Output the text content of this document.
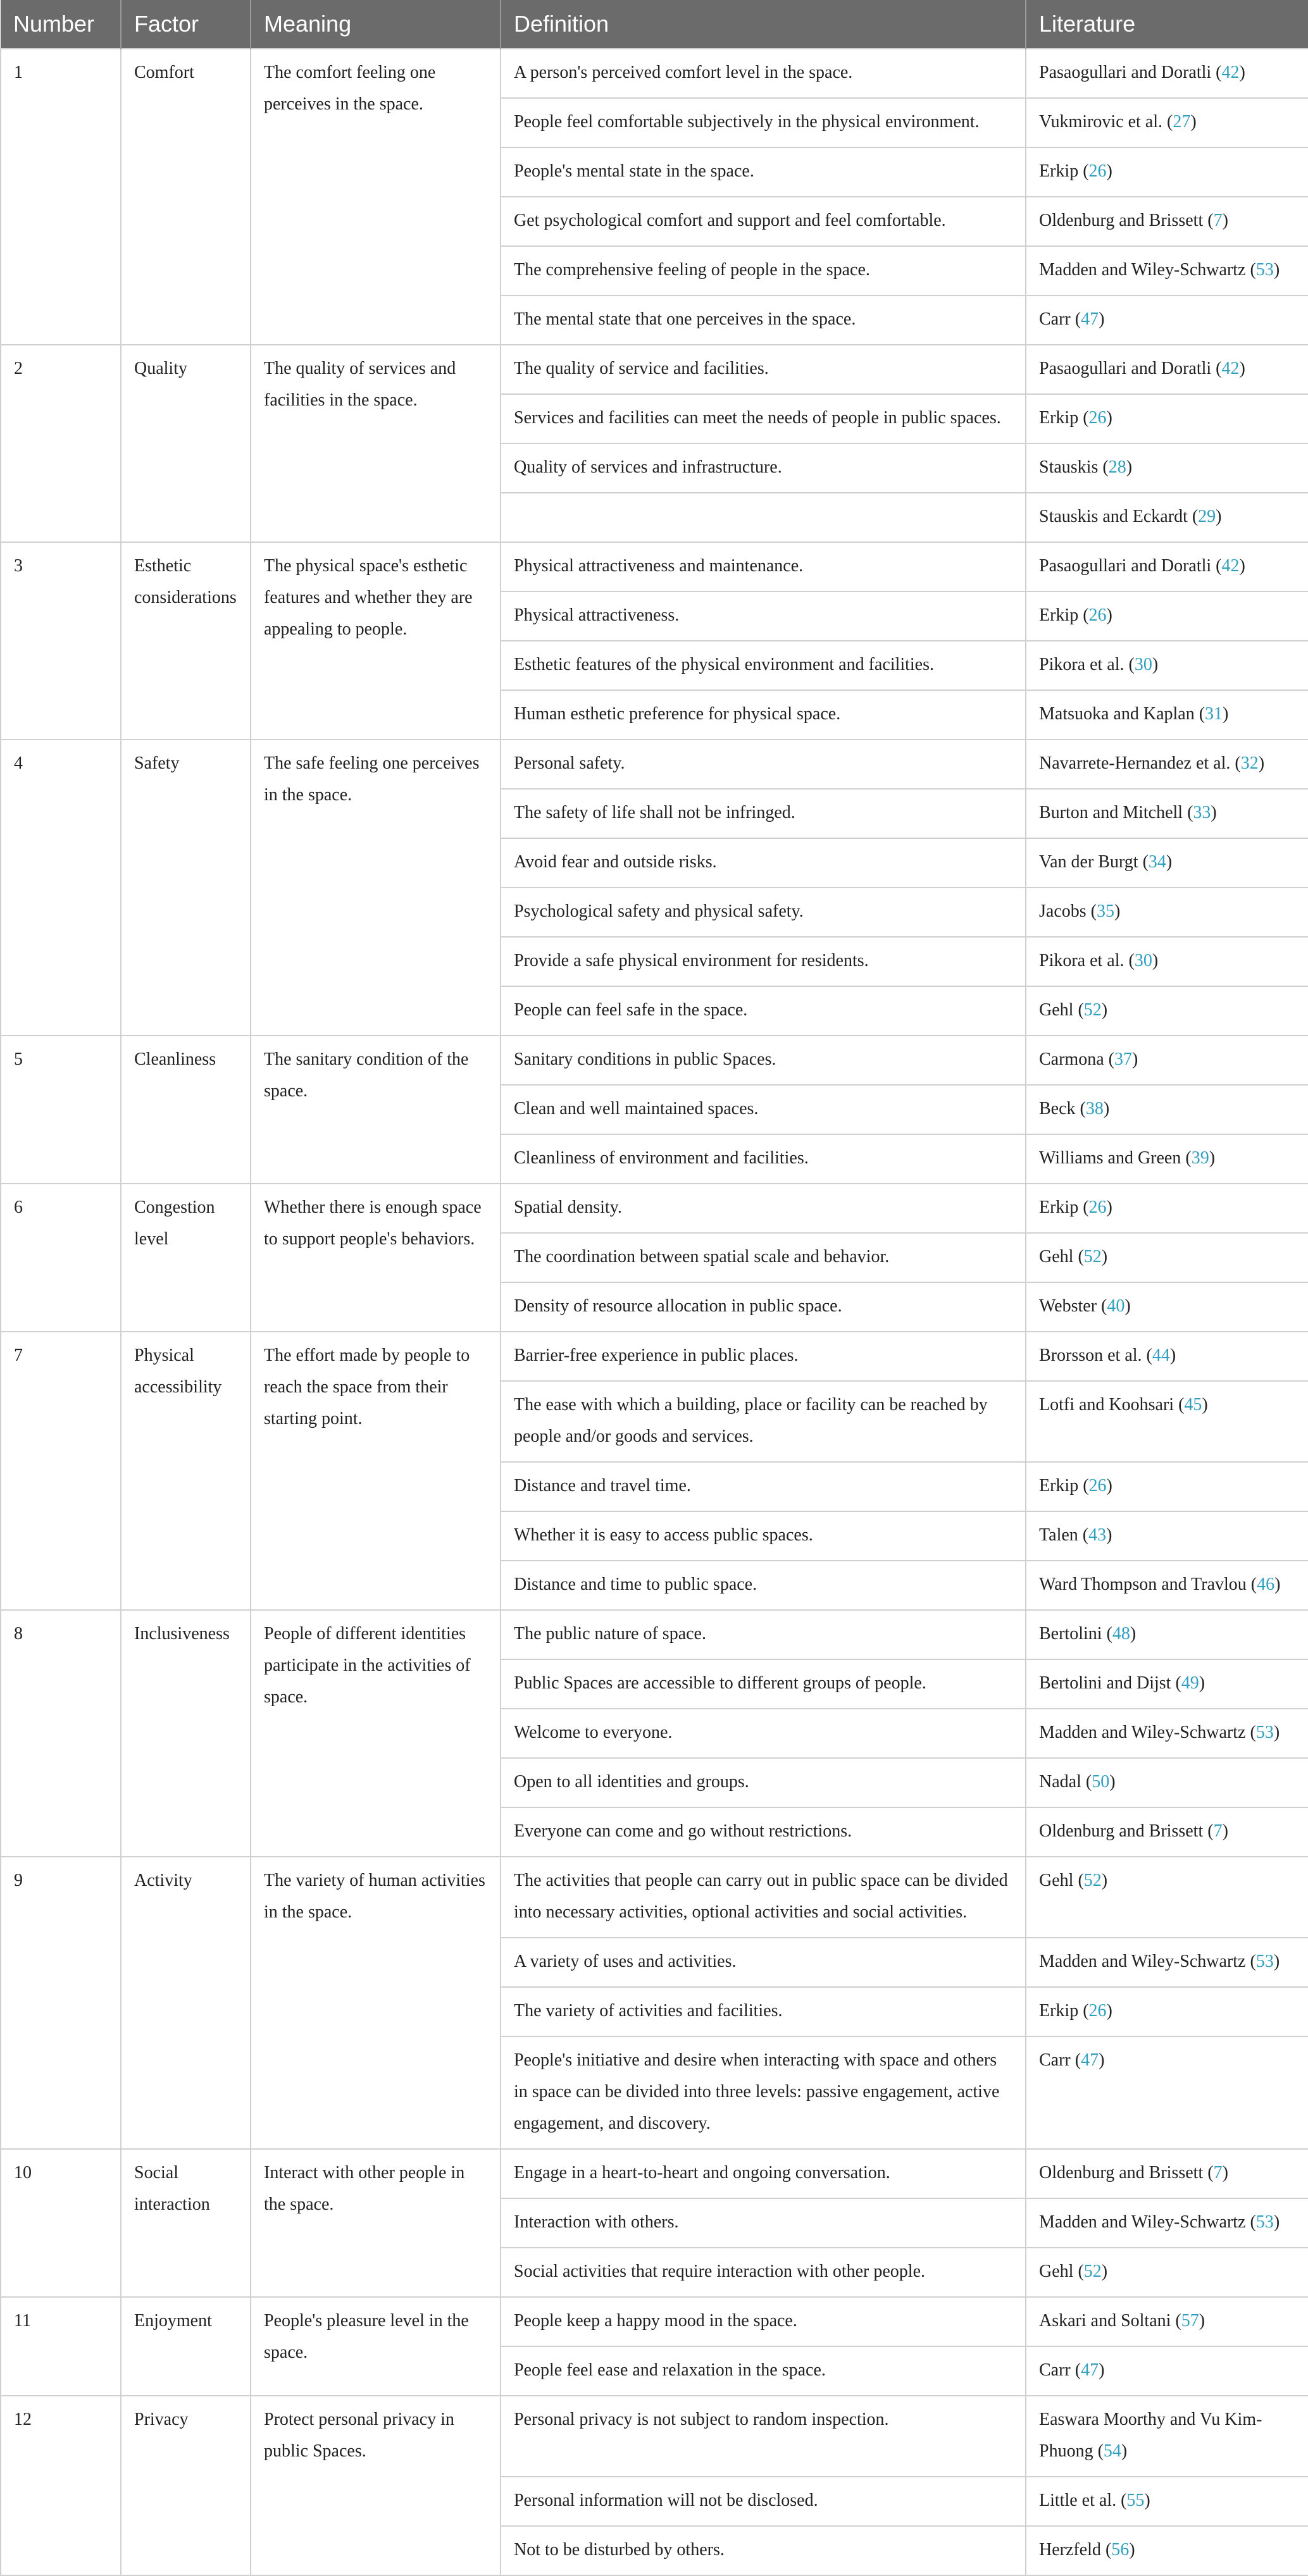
Number	Factor	Meaning	Definition	Literature
1	Comfort	The comfort feeling one perceives in the space.	A person's perceived comfort level in the space.	Pasaogullari and Doratli (42)
			People feel comfortable subjectively in the physical environment.	Vukmirovic et al. (27)
			People's mental state in the space.	Erkip (26)
			Get psychological comfort and support and feel comfortable.	Oldenburg and Brissett (7)
			The comprehensive feeling of people in the space.	Madden and Wiley-Schwartz (53)
			The mental state that one perceives in the space.	Carr (47)
2	Quality	The quality of services and facilities in the space.	The quality of service and facilities.	Pasaogullari and Doratli (42)
			Services and facilities can meet the needs of people in public spaces.	Erkip (26)
			Quality of services and infrastructure.	Stauskis (28)
				Stauskis and Eckardt (29)
3	Esthetic considerations	The physical space's esthetic features and whether they are appealing to people.	Physical attractiveness and maintenance.	Pasaogullari and Doratli (42)
			Physical attractiveness.	Erkip (26)
			Esthetic features of the physical environment and facilities.	Pikora et al. (30)
			Human esthetic preference for physical space.	Matsuoka and Kaplan (31)
4	Safety	The safe feeling one perceives in the space.	Personal safety.	Navarrete-Hernandez et al. (32)
			The safety of life shall not be infringed.	Burton and Mitchell (33)
			Avoid fear and outside risks.	Van der Burgt (34)
			Psychological safety and physical safety.	Jacobs (35)
			Provide a safe physical environment for residents.	Pikora et al. (30)
			People can feel safe in the space.	Gehl (52)
5	Cleanliness	The sanitary condition of the space.	Sanitary conditions in public Spaces.	Carmona (37)
			Clean and well maintained spaces.	Beck (38)
			Cleanliness of environment and facilities.	Williams and Green (39)
6	Congestion level	Whether there is enough space to support people's behaviors.	Spatial density.	Erkip (26)
			The coordination between spatial scale and behavior.	Gehl (52)
			Density of resource allocation in public space.	Webster (40)
7	Physical accessibility	The effort made by people to reach the space from their starting point.	Barrier-free experience in public places.	Brorsson et al. (44)
			The ease with which a building, place or facility can be reached by people and/or goods and services.	Lotfi and Koohsari (45)
			Distance and travel time.	Erkip (26)
			Whether it is easy to access public spaces.	Talen (43)
			Distance and time to public space.	Ward Thompson and Travlou (46)
8	Inclusiveness	People of different identities participate in the activities of space.	The public nature of space.	Bertolini (48)
			Public Spaces are accessible to different groups of people.	Bertolini and Dijst (49)
			Welcome to everyone.	Madden and Wiley-Schwartz (53)
			Open to all identities and groups.	Nadal (50)
			Everyone can come and go without restrictions.	Oldenburg and Brissett (7)
9	Activity	The variety of human activities in the space.	The activities that people can carry out in public space can be divided into necessary activities, optional activities and social activities.	Gehl (52)
			A variety of uses and activities.	Madden and Wiley-Schwartz (53)
			The variety of activities and facilities.	Erkip (26)
			People's initiative and desire when interacting with space and others in space can be divided into three levels: passive engagement, active engagement, and discovery.	Carr (47)
10	Social interaction	Interact with other people in the space.	Engage in a heart-to-heart and ongoing conversation.	Oldenburg and Brissett (7)
			Interaction with others.	Madden and Wiley-Schwartz (53)
			Social activities that require interaction with other people.	Gehl (52)
11	Enjoyment	People's pleasure level in the space.	People keep a happy mood in the space.	Askari and Soltani (57)
			People feel ease and relaxation in the space.	Carr (47)
12	Privacy	Protect personal privacy in public Spaces.	Personal privacy is not subject to random inspection.	Easwara Moorthy and Vu Kim-Phuong (54)
			Personal information will not be disclosed.	Little et al. (55)
			Not to be disturbed by others.	Herzfeld (56)
